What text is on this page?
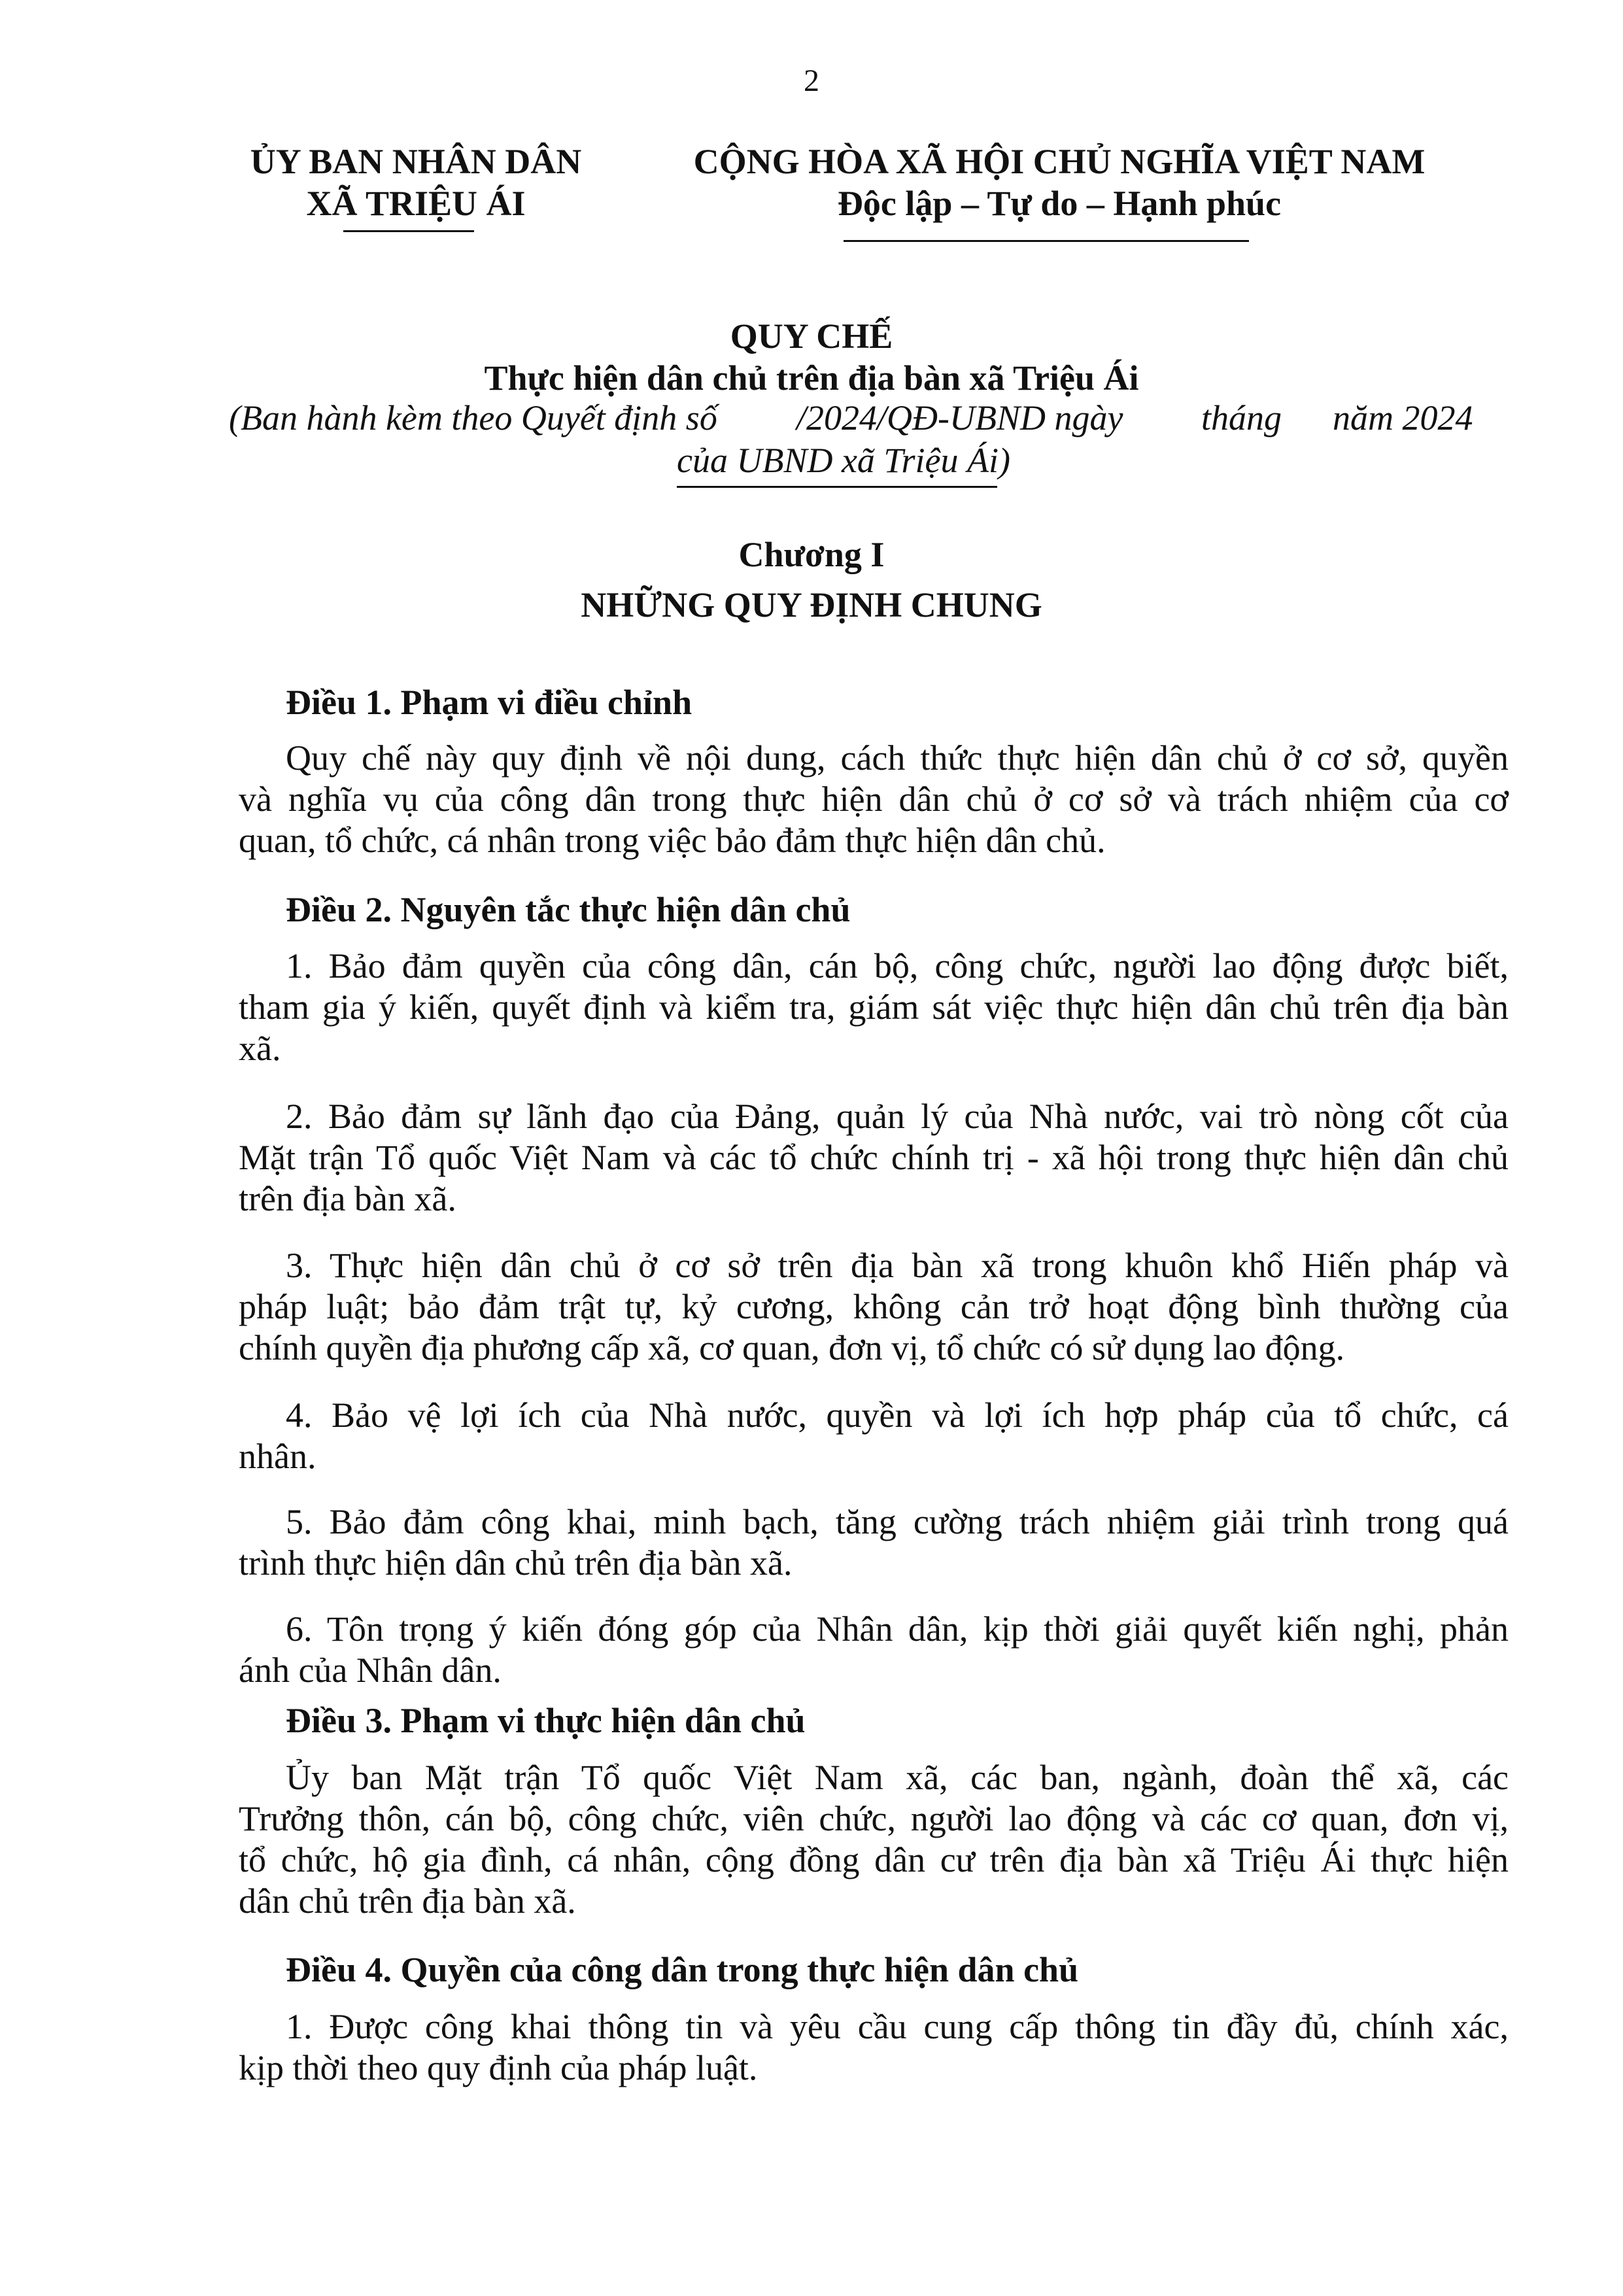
2
ỦY BAN NHÂN DÂN
XÃ TRIỆU ÁI
CỘNG HÒA XÃ HỘI CHỦ NGHĨA VIỆT NAM
Độc lập – Tự do – Hạnh phúc
QUY CHẾ
Thực hiện dân chủ trên địa bàn xã Triệu Ái
(Ban hành kèm theo Quyết định số /2024/QĐ-UBND ngày tháng năm 2024
của UBND xã Triệu Ái)
Chương I
NHỮNG QUY ĐỊNH CHUNG
Điều 1. Phạm vi điều chỉnh
Quy chế này quy định về nội dung, cách thức thực hiện dân chủ ở cơ sở, quyền
và nghĩa vụ của công dân trong thực hiện dân chủ ở cơ sở và trách nhiệm của cơ
quan, tổ chức, cá nhân trong việc bảo đảm thực hiện dân chủ.
Điều 2. Nguyên tắc thực hiện dân chủ
1. Bảo đảm quyền của công dân, cán bộ, công chức, người lao động được biết,
tham gia ý kiến, quyết định và kiểm tra, giám sát việc thực hiện dân chủ trên địa bàn
xã.
2. Bảo đảm sự lãnh đạo của Đảng, quản lý của Nhà nước, vai trò nòng cốt của
Mặt trận Tổ quốc Việt Nam và các tổ chức chính trị - xã hội trong thực hiện dân chủ
trên địa bàn xã.
3. Thực hiện dân chủ ở cơ sở trên địa bàn xã trong khuôn khổ Hiến pháp và
pháp luật; bảo đảm trật tự, kỷ cương, không cản trở hoạt động bình thường của
chính quyền địa phương cấp xã, cơ quan, đơn vị, tổ chức có sử dụng lao động.
4. Bảo vệ lợi ích của Nhà nước, quyền và lợi ích hợp pháp của tổ chức, cá
nhân.
5. Bảo đảm công khai, minh bạch, tăng cường trách nhiệm giải trình trong quá
trình thực hiện dân chủ trên địa bàn xã.
6. Tôn trọng ý kiến đóng góp của Nhân dân, kịp thời giải quyết kiến nghị, phản
ánh của Nhân dân.
Điều 3. Phạm vi thực hiện dân chủ
Ủy ban Mặt trận Tổ quốc Việt Nam xã, các ban, ngành, đoàn thể xã, các
Trưởng thôn, cán bộ, công chức, viên chức, người lao động và các cơ quan, đơn vị,
tổ chức, hộ gia đình, cá nhân, cộng đồng dân cư trên địa bàn xã Triệu Ái thực hiện
dân chủ trên địa bàn xã.
Điều 4. Quyền của công dân trong thực hiện dân chủ
1. Được công khai thông tin và yêu cầu cung cấp thông tin đầy đủ, chính xác,
kịp thời theo quy định của pháp luật.
